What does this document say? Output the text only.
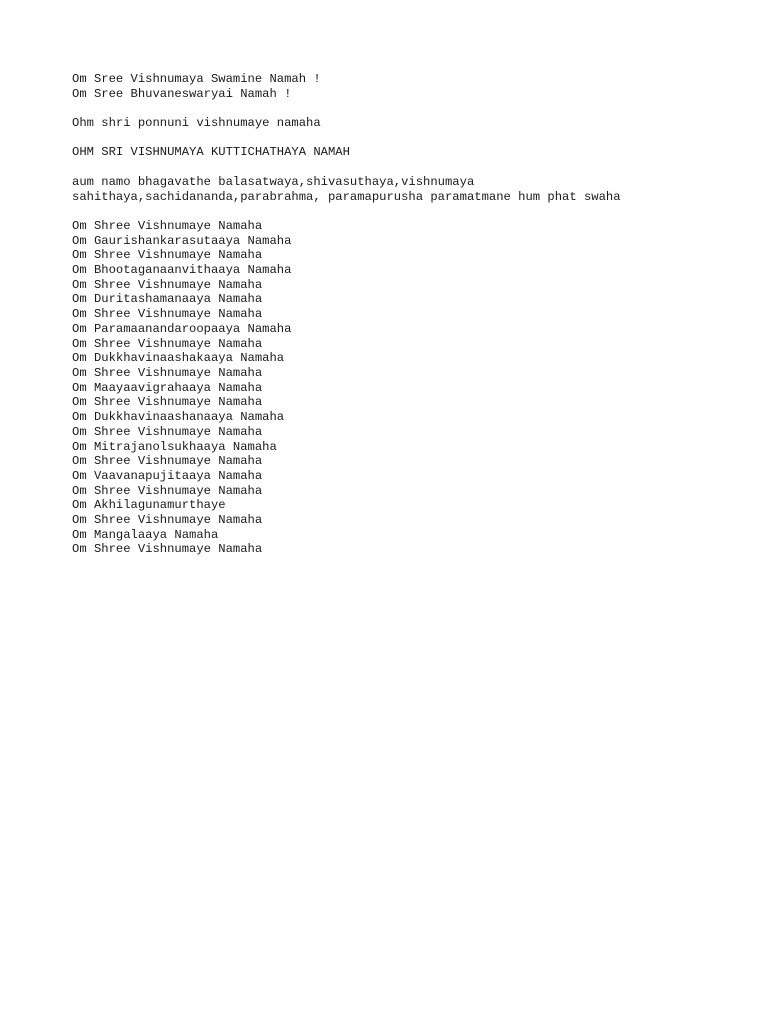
Om Sree Vishnumaya Swamine Namah !
Om Sree Bhuvaneswaryai Namah !
Ohm shri ponnuni vishnumaye namaha
OHM SRI VISHNUMAYA KUTTICHATHAYA NAMAH
aum namo bhagavathe balasatwaya,shivasuthaya,vishnumaya
sahithaya,sachidananda,parabrahma, paramapurusha paramatmane hum phat swaha
Om Shree Vishnumaye Namaha
Om Gaurishankarasutaaya Namaha
Om Shree Vishnumaye Namaha
Om Bhootaganaanvithaaya Namaha
Om Shree Vishnumaye Namaha
Om Duritashamanaaya Namaha
Om Shree Vishnumaye Namaha
Om Paramaanandaroopaaya Namaha
Om Shree Vishnumaye Namaha
Om Dukkhavinaashakaaya Namaha
Om Shree Vishnumaye Namaha
Om Maayaavigrahaaya Namaha
Om Shree Vishnumaye Namaha
Om Dukkhavinaashanaaya Namaha
Om Shree Vishnumaye Namaha
Om Mitrajanolsukhaaya Namaha
Om Shree Vishnumaye Namaha
Om Vaavanapujitaaya Namaha
Om Shree Vishnumaye Namaha
Om Akhilagunamurthaye
Om Shree Vishnumaye Namaha
Om Mangalaaya Namaha
Om Shree Vishnumaye Namaha
